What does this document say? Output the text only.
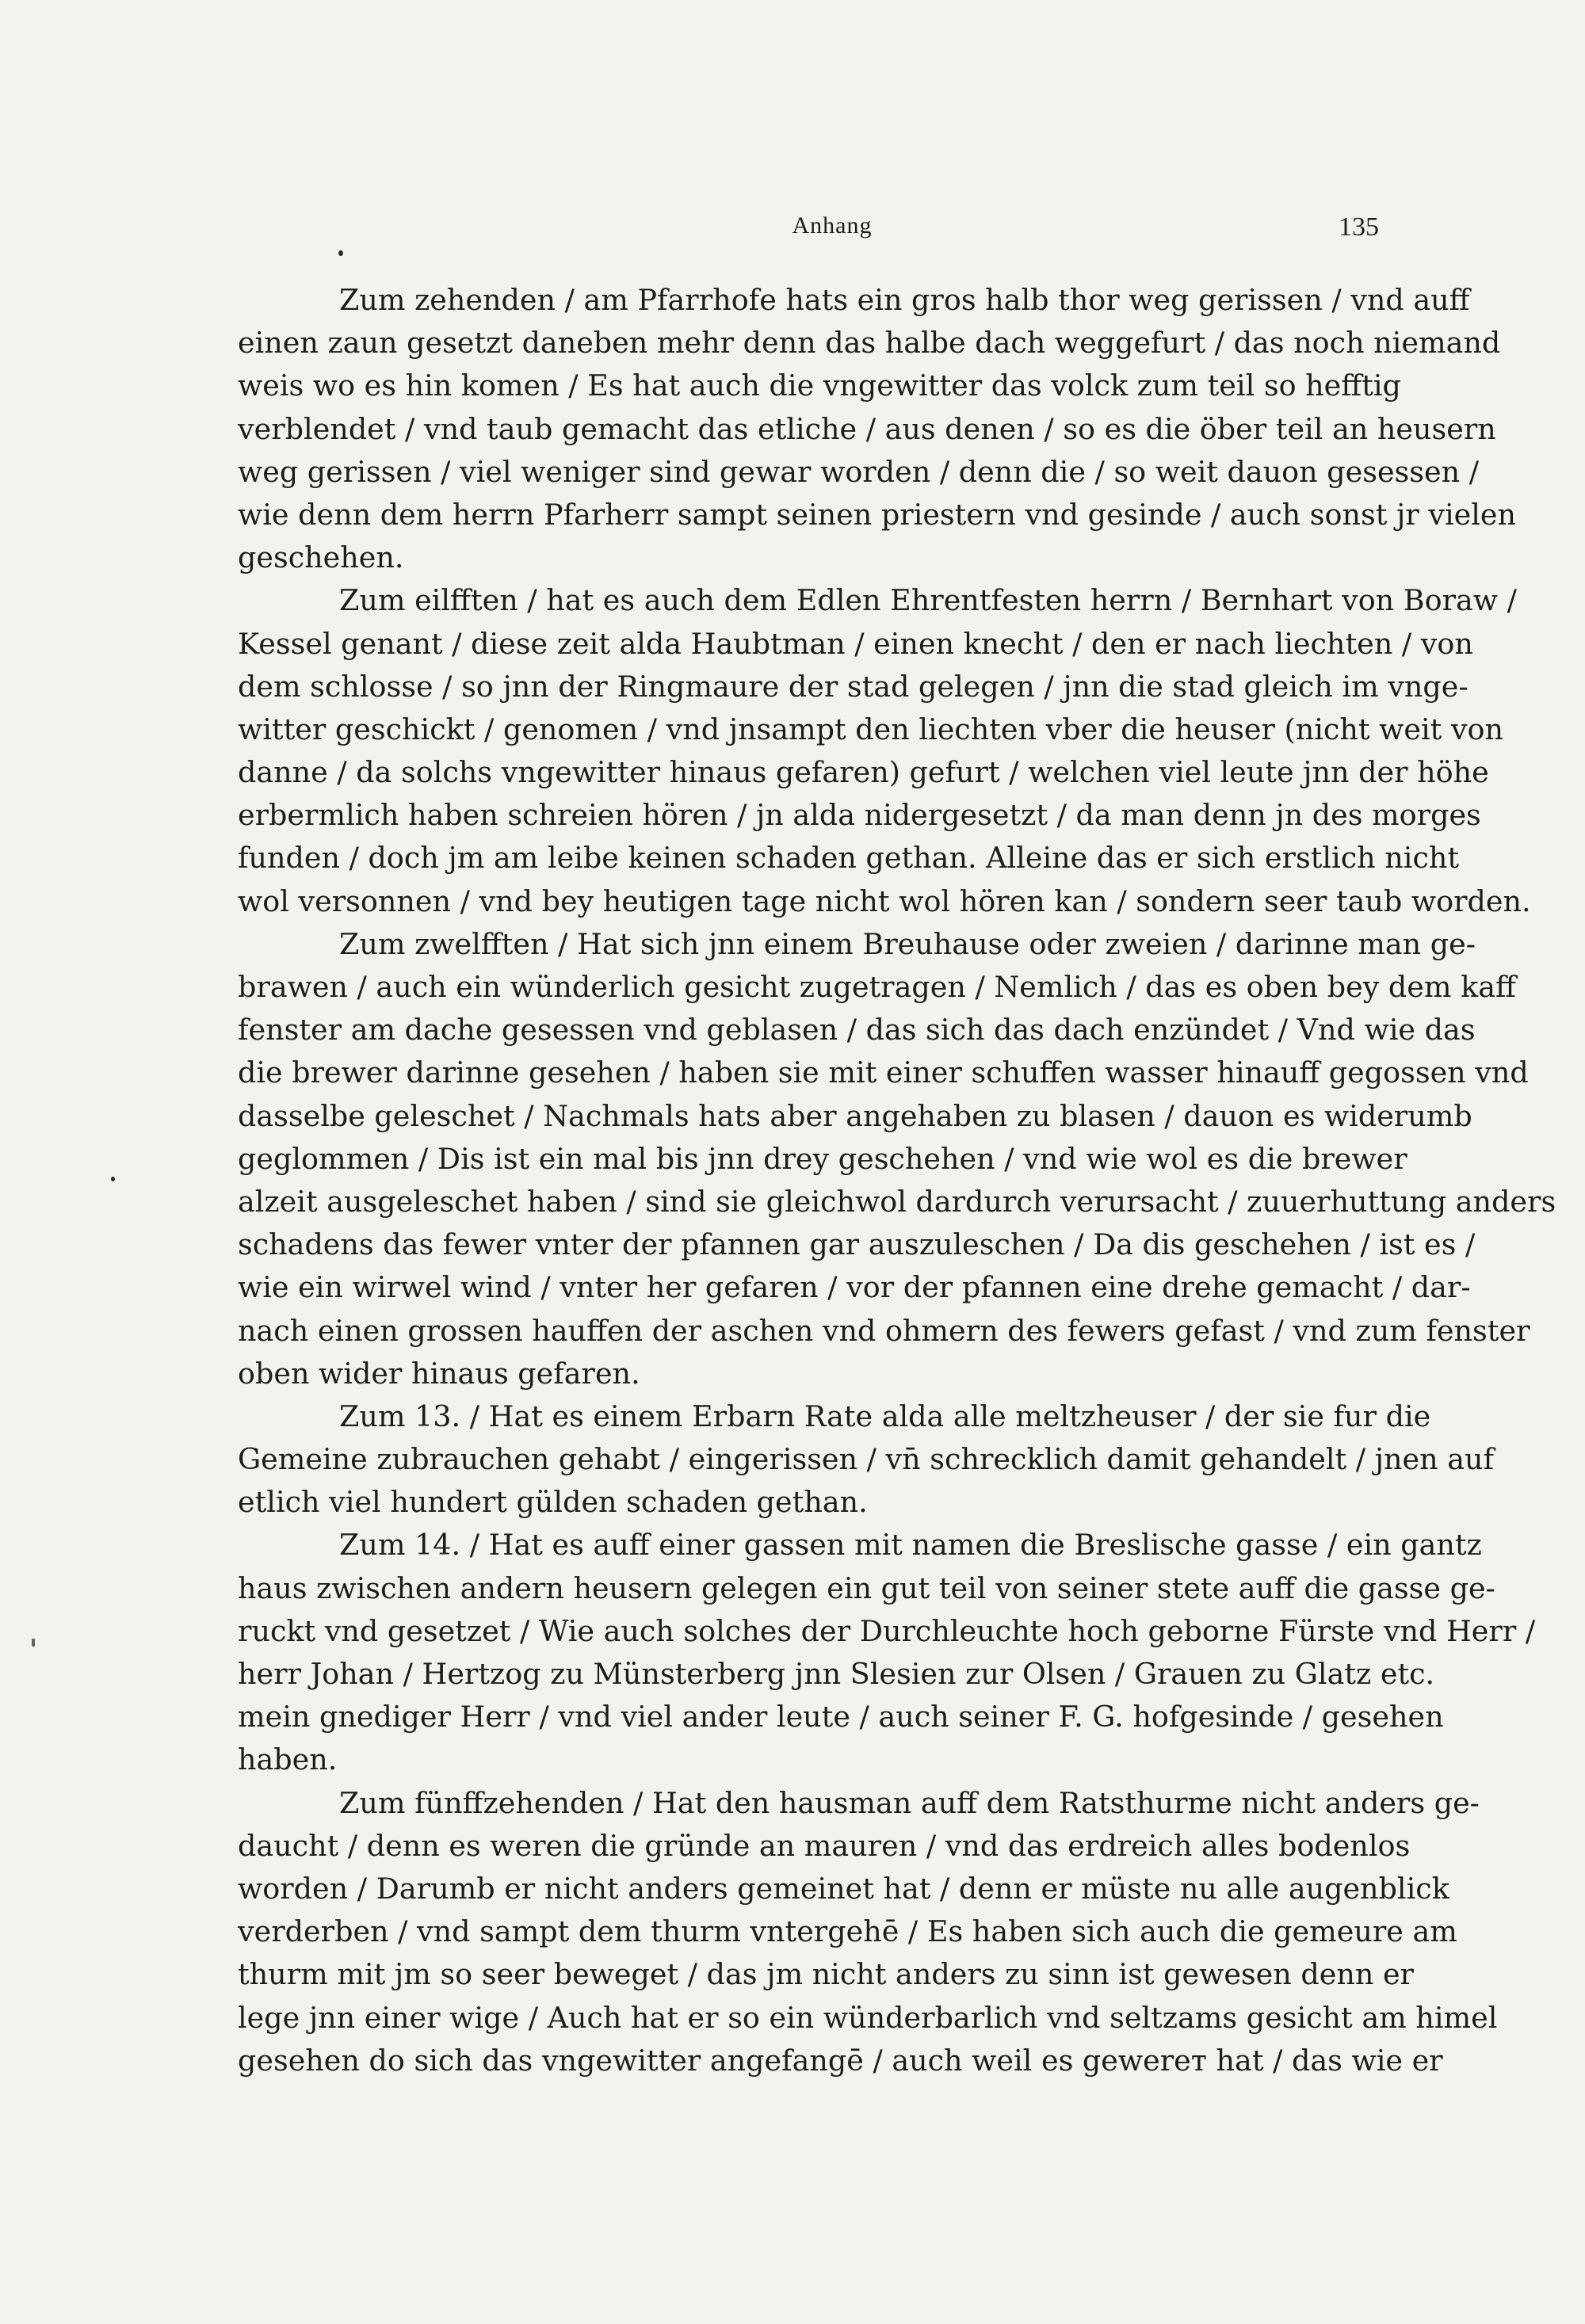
Anhang	135
Zum zehenden / am Pfarrhofe hats ein gros halb thor weg gerissen / vnd auff
einen zaun gesetzt daneben mehr denn das halbe dach weggefurt / das noch niemand
weis wo es hin komen / Es hat auch die vngewitter das volck zum teil so hefftig
verblendet / vnd taub gemacht das etliche / aus denen / so es die öber teil an heusern
weg gerissen / viel weniger sind gewar worden / denn die / so weit dauon gesessen /
wie denn dem herrn Pfarherr sampt seinen priestern vnd gesinde / auch sonst jr vielen
geschehen.
Zum eilfften / hat es auch dem Edlen Ehrentfesten herrn / Bernhart von Boraw /
Kessel genant / diese zeit alda Haubtman / einen knecht / den er nach liechten / von
dem schlosse / so jnn der Ringmaure der stad gelegen / jnn die stad gleich im vnge-
witter geschickt / genomen / vnd jnsampt den liechten vber die heuser (nicht weit von
danne / da solchs vngewitter hinaus gefaren) gefurt / welchen viel leute jnn der höhe
erbermlich haben schreien hören / jn alda nidergesetzt / da man denn jn des morges
funden / doch jm am leibe keinen schaden gethan. Alleine das er sich erstlich nicht
wol versonnen / vnd bey heutigen tage nicht wol hören kan / sondern seer taub worden.
Zum zwelfften / Hat sich jnn einem Breuhause oder zweien / darinne man ge-
brawen / auch ein wünderlich gesicht zugetragen / Nemlich / das es oben bey dem kaff
fenster am dache gesessen vnd geblasen / das sich das dach enzündet / Vnd wie das
die brewer darinne gesehen / haben sie mit einer schuffen wasser hinauff gegossen vnd
dasselbe geleschet / Nachmals hats aber angehaben zu blasen / dauon es widerumb
geglommen / Dis ist ein mal bis jnn drey geschehen / vnd wie wol es die brewer
alzeit ausgeleschet haben / sind sie gleichwol dardurch verursacht / zuuerhuttung anders
schadens das fewer vnter der pfannen gar auszuleschen / Da dis geschehen / ist es /
wie ein wirwel wind / vnter her gefaren / vor der pfannen eine drehe gemacht / dar-
nach einen grossen hauffen der aschen vnd ohmern des fewers gefast / vnd zum fenster
oben wider hinaus gefaren.
Zum 13. / Hat es einem Erbarn Rate alda alle meltzheuser / der sie fur die
Gemeine zubrauchen gehabt / eingerissen / vn̄ schrecklich damit gehandelt / jnen auf
etlich viel hundert gülden schaden gethan.
Zum 14. / Hat es auff einer gassen mit namen die Breslische gasse / ein gantz
haus zwischen andern heusern gelegen ein gut teil von seiner stete auff die gasse ge-
ruckt vnd gesetzet / Wie auch solches der Durchleuchte hoch geborne Fürste vnd Herr /
herr Johan / Hertzog zu Münsterberg jnn Slesien zur Olsen / Grauen zu Glatz etc.
mein gnediger Herr / vnd viel ander leute / auch seiner F. G. hofgesinde / gesehen
haben.
Zum fünffzehenden / Hat den hausman auff dem Ratsthurme nicht anders ge-
daucht / denn es weren die gründe an mauren / vnd das erdreich alles bodenlos
worden / Darumb er nicht anders gemeinet hat / denn er müste nu alle augenblick
verderben / vnd sampt dem thurm vntergehē / Es haben sich auch die gemeure am
thurm mit jm so seer beweget / das jm nicht anders zu sinn ist gewesen denn er
lege jnn einer wige / Auch hat er so ein wünderbarlich vnd seltzams gesicht am himel
gesehen do sich das vngewitter angefangē / auch weil es gewerет hat / das wie er
